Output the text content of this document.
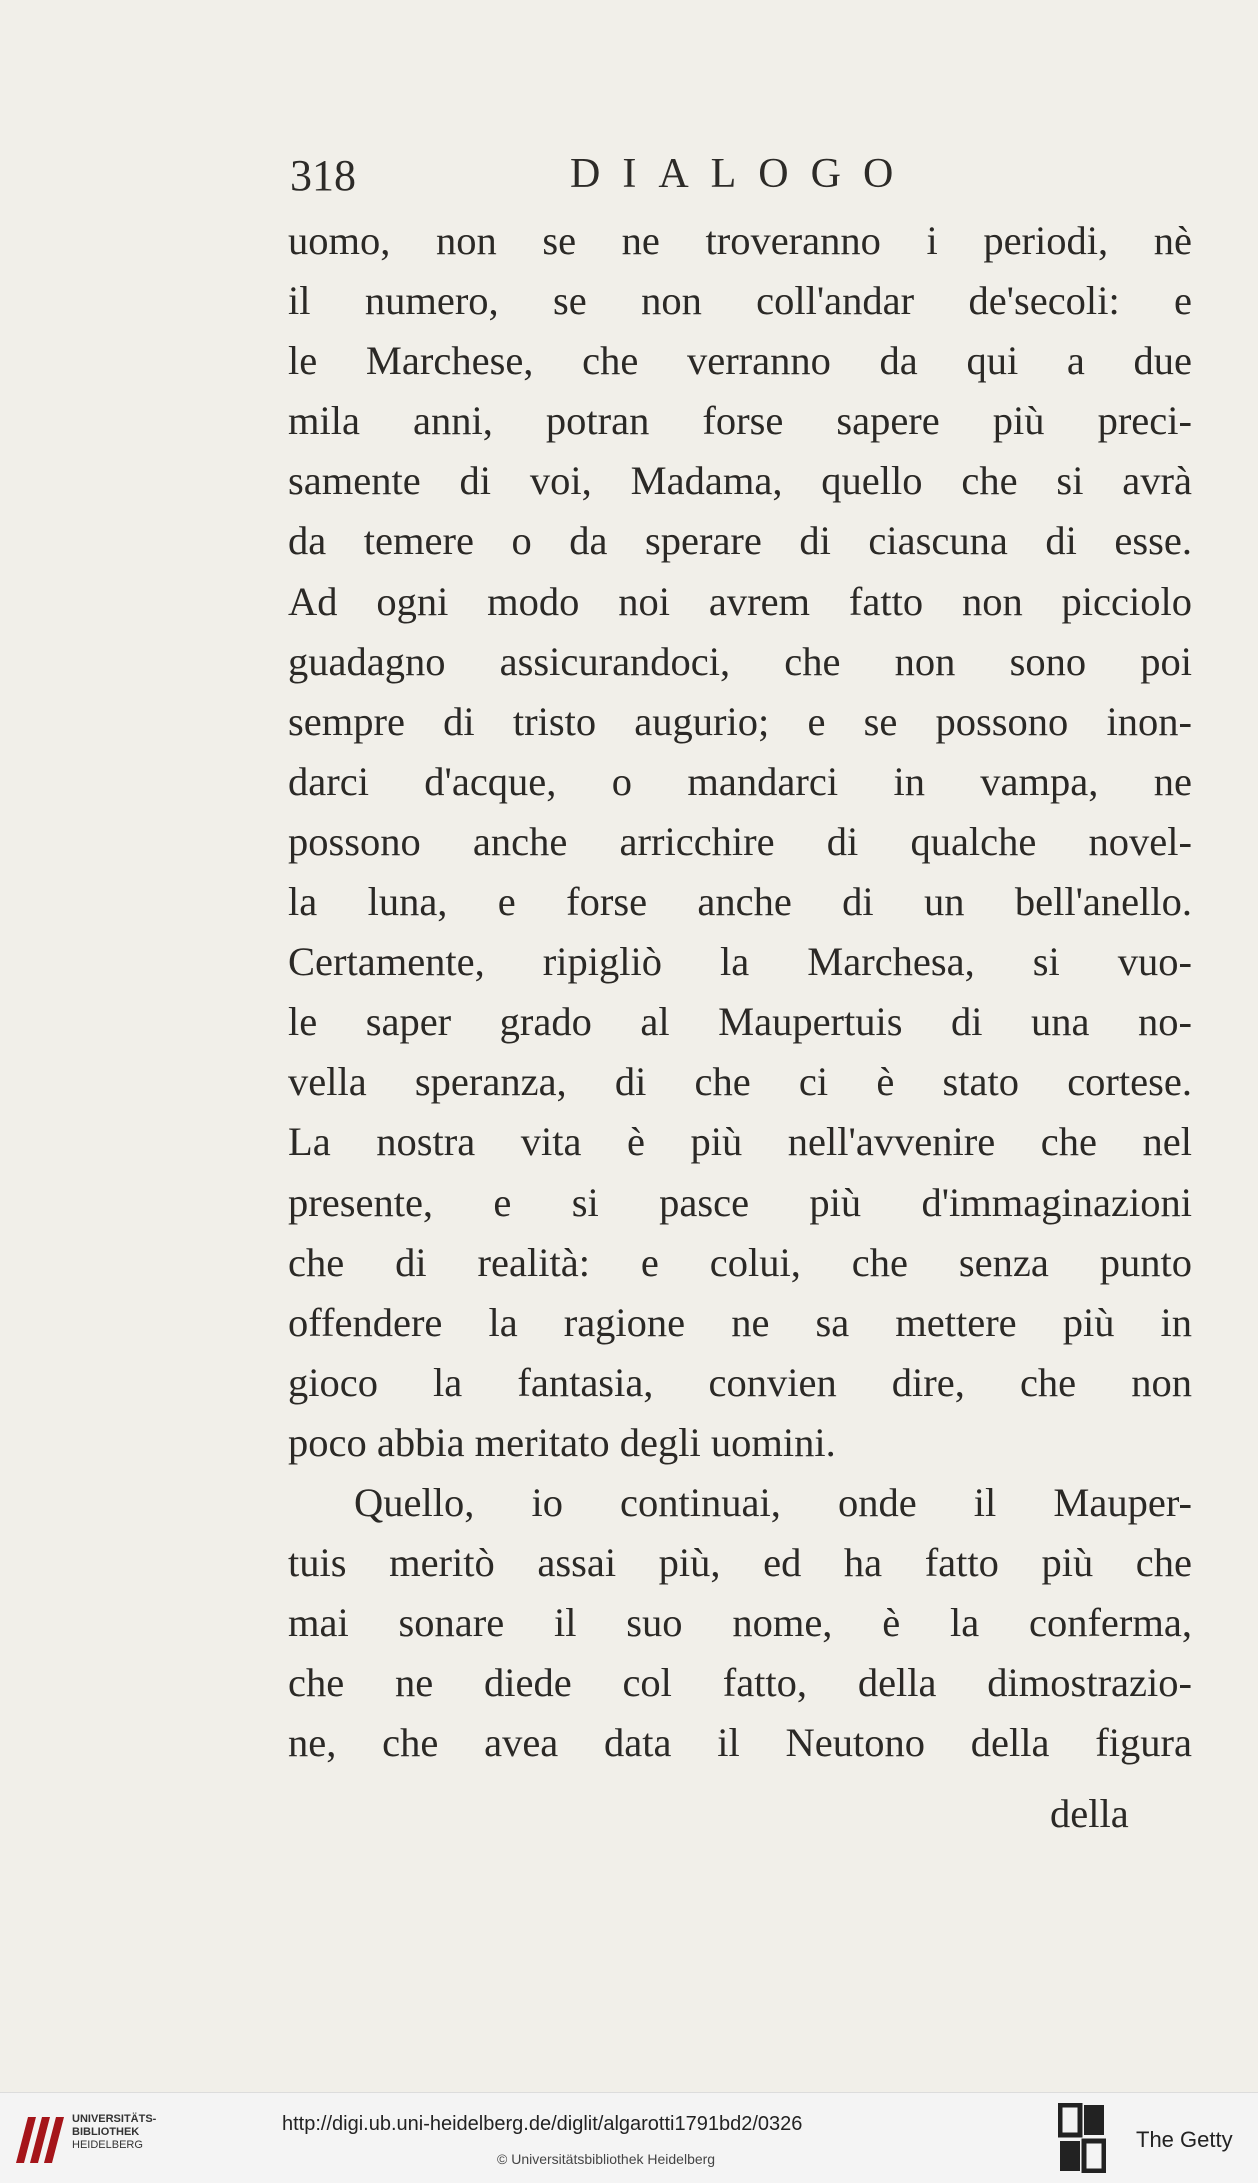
318	DIALOGO
uomo, non se ne troveranno i periodi, nè
il numero, se non coll'andar de'secoli: e
le Marchese, che verranno da qui a due
mila anni, potran forse sapere più preci-
samente di voi, Madama, quello che si avrà
da temere o da sperare di ciascuna di esse.
Ad ogni modo noi avrem fatto non picciolo
guadagno assicurandoci, che non sono poi
sempre di tristo augurio; e se possono inon-
darci d'acque, o mandarci in vampa, ne
possono anche arricchire di qualche novel-
la luna, e forse anche di un bell'anello.
Certamente, ripigliò la Marchesa, si vuo-
le saper grado al Maupertuis di una no-
vella speranza, di che ci è stato cortese.
La nostra vita è più nell'avvenire che nel
presente, e si pasce più d'immaginazioni
che di realità: e colui, che senza punto
offendere la ragione ne sa mettere più in
gioco la fantasia, convien dire, che non
poco abbia meritato degli uomini.
Quello, io continuai, onde il Mauper-
tuis meritò assai più, ed ha fatto più che
mai sonare il suo nome, è la conferma,
che ne diede col fatto, della dimostrazio-
ne, che avea data il Neutono della figura
della
UNIVERSITÄTS-
BIBLIOTHEK
HEIDELBERG
http://digi.ub.uni-heidelberg.de/diglit/algarotti1791bd2/0326
© Universitätsbibliothek Heidelberg
The Getty
